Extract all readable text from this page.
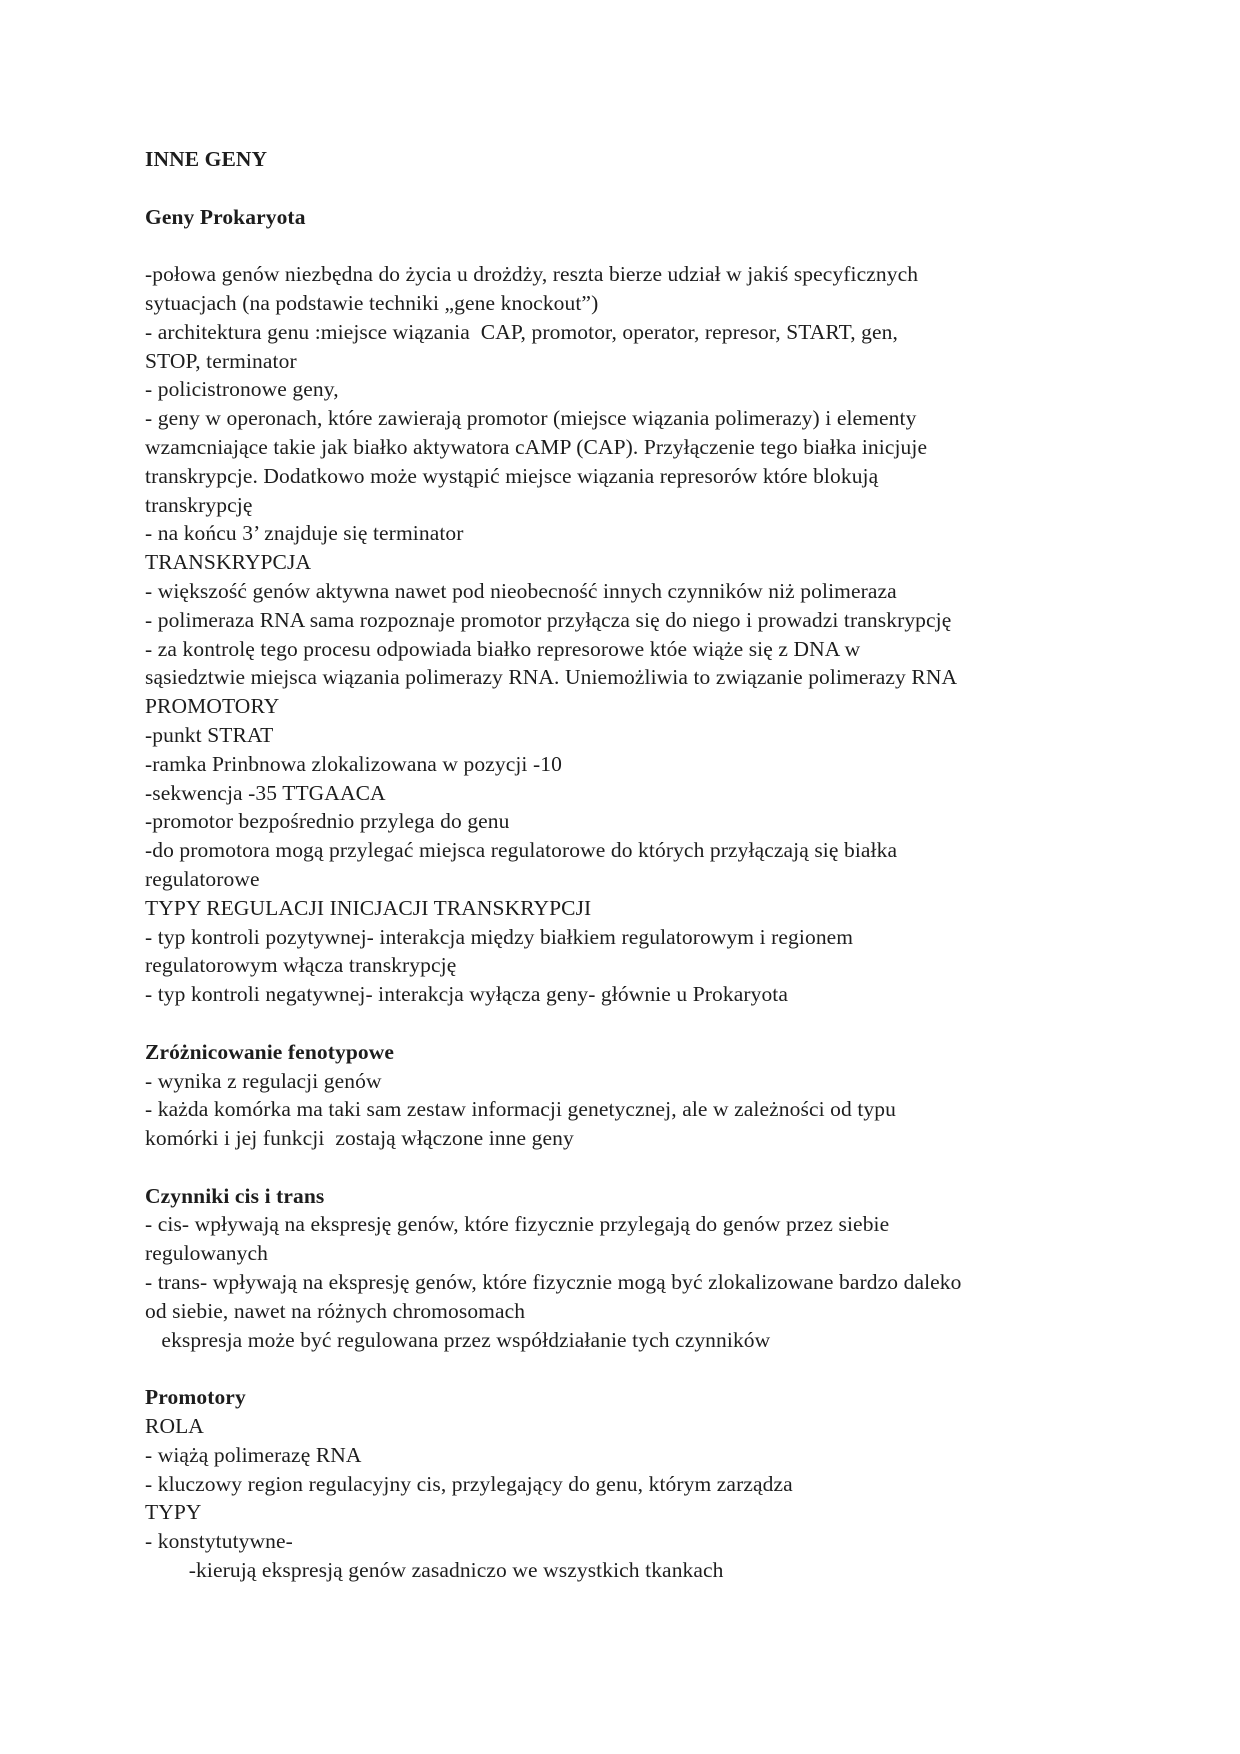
INNE GENY
Geny Prokaryota
-połowa genów niezbędna do życia u drożdży, reszta bierze udział w jakiś specyficznych
sytuacjach (na podstawie techniki „gene knockout”)
- architektura genu :miejsce wiązania  CAP, promotor, operator, represor, START, gen,
STOP, terminator
- policistronowe geny,
- geny w operonach, które zawierają promotor (miejsce wiązania polimerazy) i elementy
wzamcniające takie jak białko aktywatora cAMP (CAP). Przyłączenie tego białka inicjuje
transkrypcje. Dodatkowo może wystąpić miejsce wiązania represorów które blokują
transkrypcję
- na końcu 3’ znajduje się terminator
TRANSKRYPCJA
- większość genów aktywna nawet pod nieobecność innych czynników niż polimeraza
- polimeraza RNA sama rozpoznaje promotor przyłącza się do niego i prowadzi transkrypcję
- za kontrolę tego procesu odpowiada białko represorowe któe wiąże się z DNA w
sąsiedztwie miejsca wiązania polimerazy RNA. Uniemożliwia to związanie polimerazy RNA
PROMOTORY
-punkt STRAT
-ramka Prinbnowa zlokalizowana w pozycji -10
-sekwencja -35 TTGAACA
-promotor bezpośrednio przylega do genu
-do promotora mogą przylegać miejsca regulatorowe do których przyłączają się białka
regulatorowe
TYPY REGULACJI INICJACJI TRANSKRYPCJI
- typ kontroli pozytywnej- interakcja między białkiem regulatorowym i regionem
regulatorowym włącza transkrypcję
- typ kontroli negatywnej- interakcja wyłącza geny- głównie u Prokaryota
Zróżnicowanie fenotypowe
- wynika z regulacji genów
- każda komórka ma taki sam zestaw informacji genetycznej, ale w zależności od typu
komórki i jej funkcji  zostają włączone inne geny
Czynniki cis i trans
- cis- wpływają na ekspresję genów, które fizycznie przylegają do genów przez siebie
regulowanych
- trans- wpływają na ekspresję genów, które fizycznie mogą być zlokalizowane bardzo daleko
od siebie, nawet na różnych chromosomach
ekspresja może być regulowana przez współdziałanie tych czynników
Promotory
ROLA
- wiążą polimerazę RNA
- kluczowy region regulacyjny cis, przylegający do genu, którym zarządza
TYPY
- konstytutywne-
-kierują ekspresją genów zasadniczo we wszystkich tkankach
